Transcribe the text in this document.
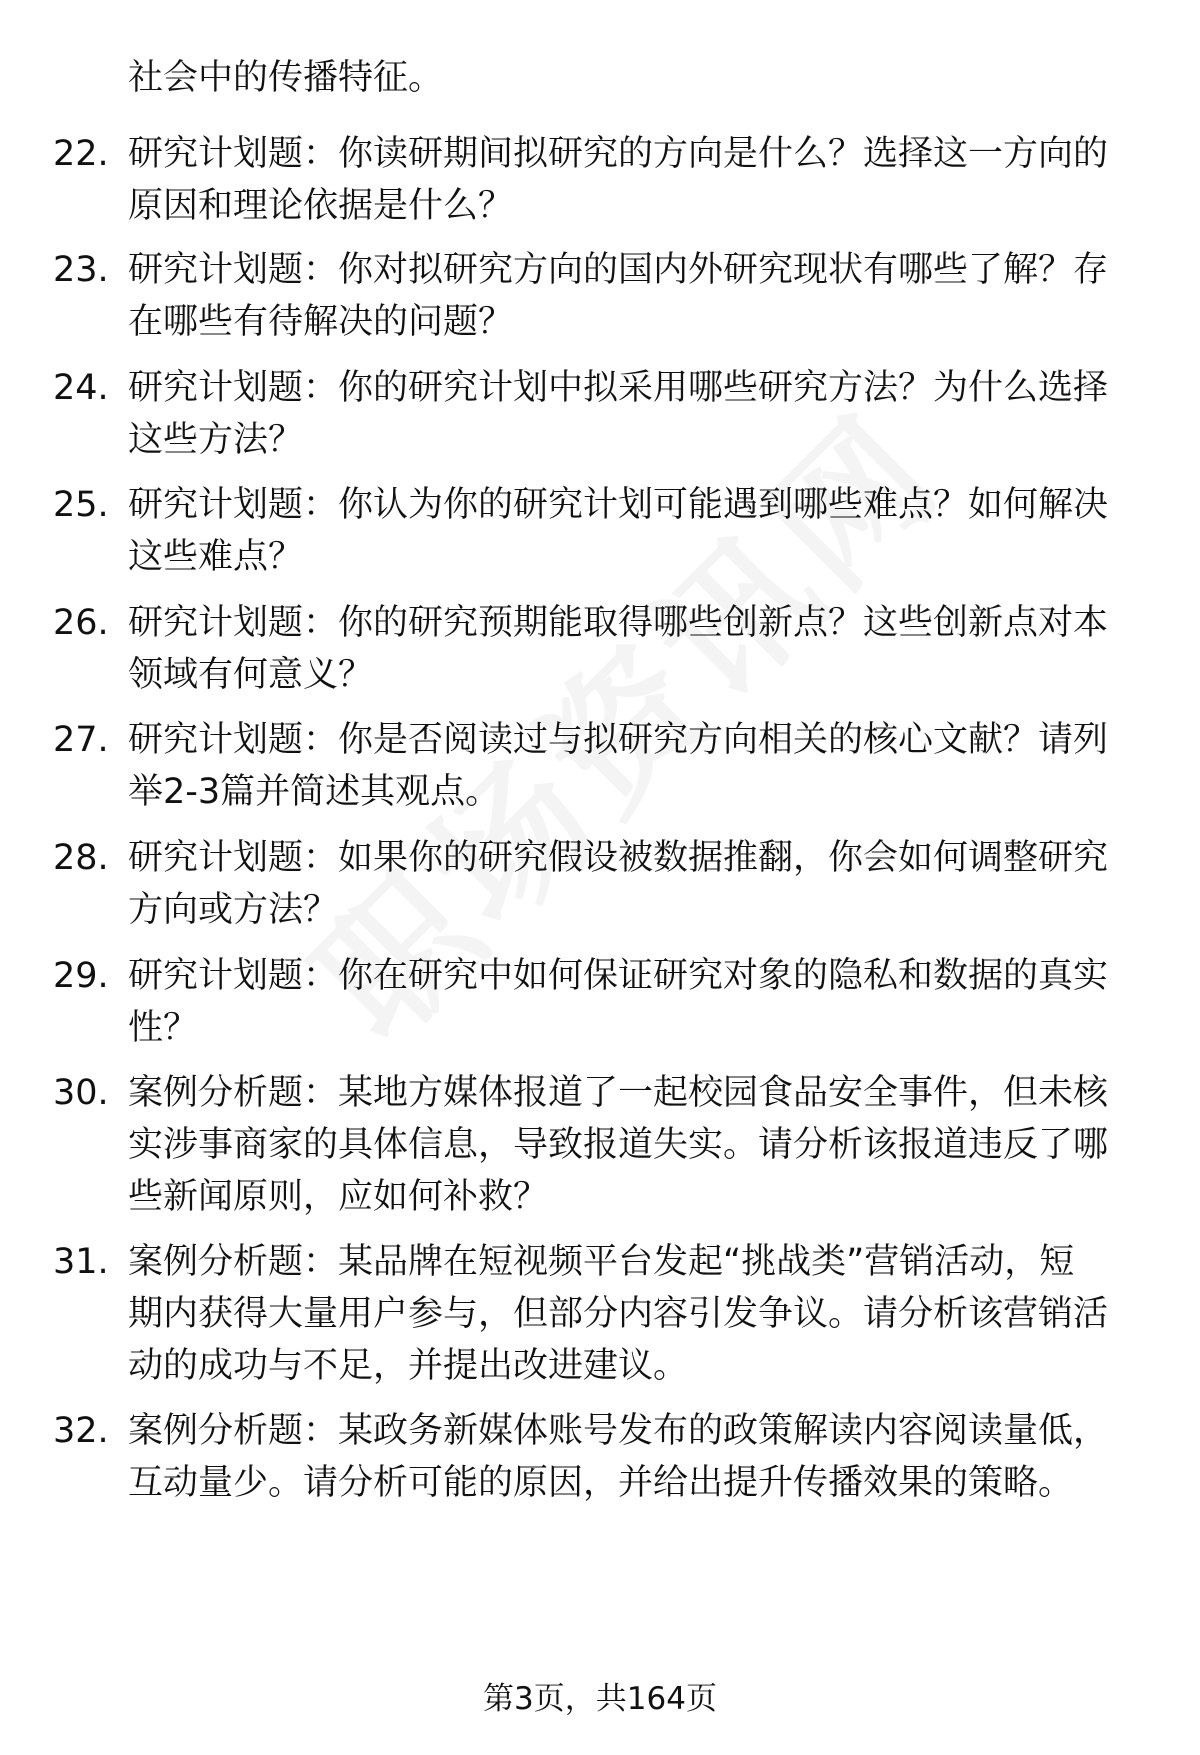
社会中的传播特征。
22. 研究计划题：你读研期间拟研究的方向是什么？选择这一方向的
原因和理论依据是什么？
23. 研究计划题：你对拟研究方向的国内外研究现状有哪些了解？存
在哪些有待解决的问题？
24. 研究计划题：你的研究计划中拟采用哪些研究方法？为什么选择
这些方法？
25. 研究计划题：你认为你的研究计划可能遇到哪些难点？如何解决
这些难点？
26. 研究计划题：你的研究预期能取得哪些创新点？这些创新点对本
领域有何意义？
27. 研究计划题：你是否阅读过与拟研究方向相关的核心文献？请列
举2-3篇并简述其观点。
28. 研究计划题：如果你的研究假设被数据推翻，你会如何调整研究
方向或方法？
29. 研究计划题：你在研究中如何保证研究对象的隐私和数据的真实
性？
30. 案例分析题：某地方媒体报道了一起校园食品安全事件，但未核
实涉事商家的具体信息，导致报道失实。请分析该报道违反了哪
些新闻原则，应如何补救？
31. 案例分析题：某品牌在短视频平台发起“挑战类”营销活动，短
期内获得大量用户参与，但部分内容引发争议。请分析该营销活
动的成功与不足，并提出改进建议。
32. 案例分析题：某政务新媒体账号发布的政策解读内容阅读量低，
互动量少。请分析可能的原因，并给出提升传播效果的策略。
第3页，共164页
